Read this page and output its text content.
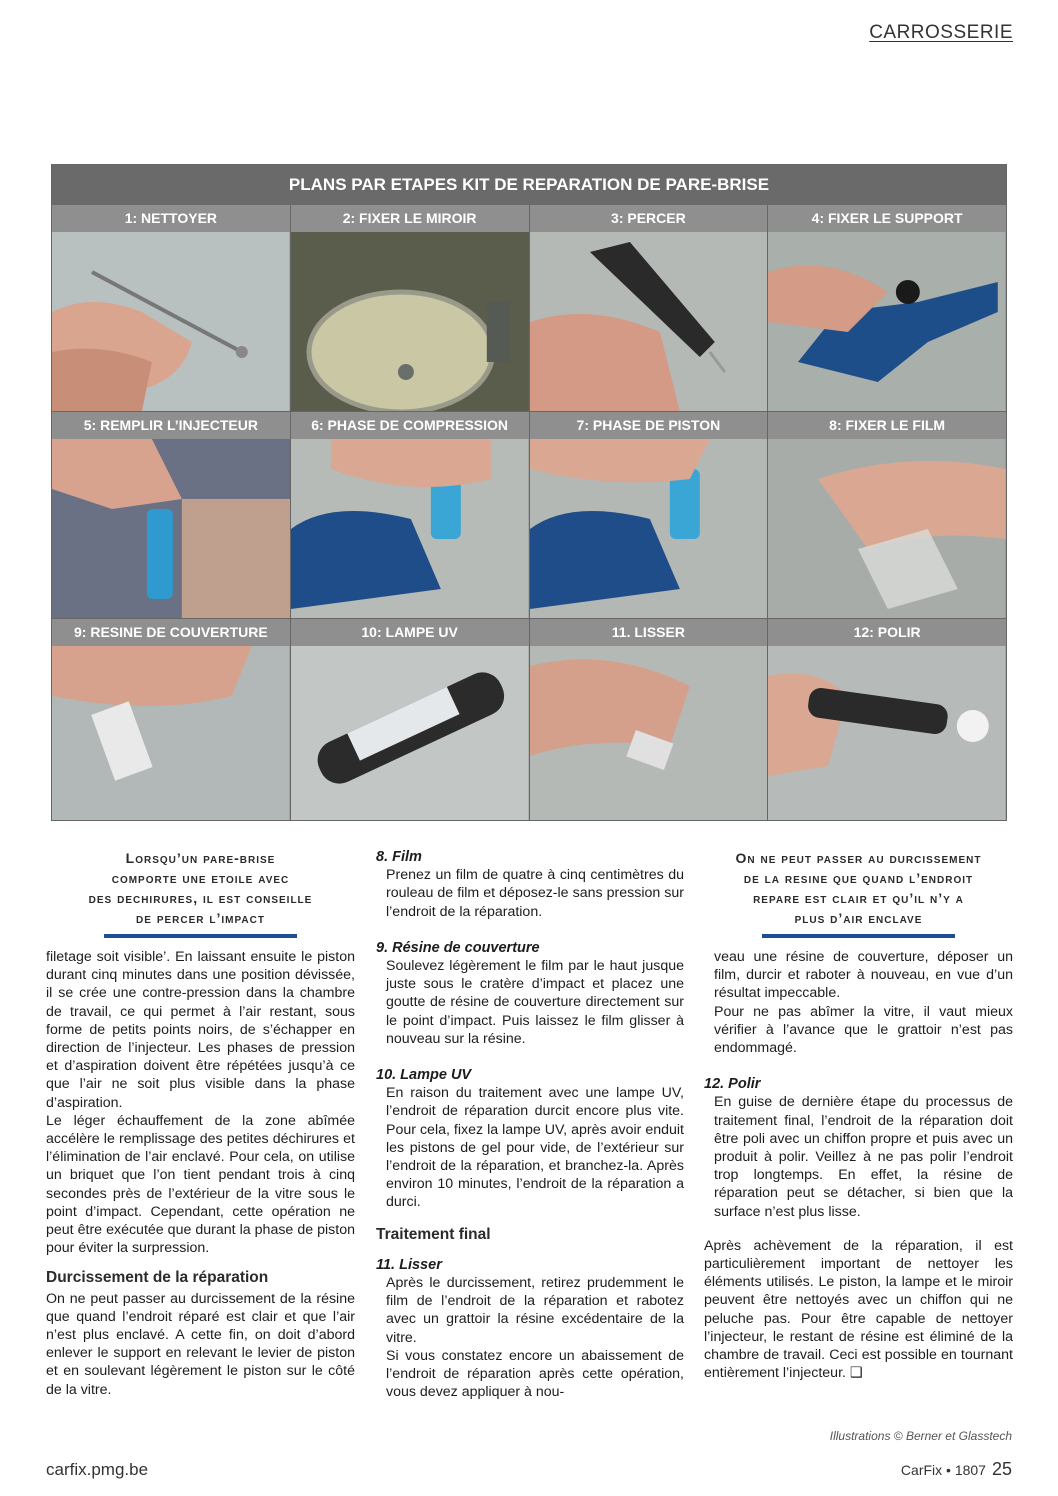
CARROSSERIE
PLANS PAR ETAPES KIT DE REPARATION DE PARE-BRISE
1: NETTOYER	2: FIXER LE MIROIR	3: PERCER	4: FIXER LE SUPPORT
5: REMPLIR L’INJECTEUR	6: PHASE DE COMPRESSION	7: PHASE DE PISTON	8: FIXER LE FILM
9: RESINE DE COUVERTURE	10: LAMPE UV	11. LISSER	12: POLIR
Lorsqu’un pare-brise
comporte une etoile avec
des dechirures, il est conseille
de percer l’impact

filetage soit visible’. En laissant ensuite le piston durant cinq minutes dans une position dévissée, il se crée une contre-pression dans la chambre de travail, ce qui permet à l’air restant, sous forme de petits points noirs, de s’échapper en direction de l’injecteur. Les phases de pression et d’aspiration doivent être répétées jusqu’à ce que l’air ne soit plus visible dans la phase d’aspiration.

Le léger échauffement de la zone abîmée accélère le remplissage des petites déchirures et l’élimination de l’air enclavé. Pour cela, on utilise un briquet que l’on tient pendant trois à cinq secondes près de l’extérieur de la vitre sous le point d’impact. Cependant, cette opération ne peut être exécutée que durant la phase de piston pour éviter la surpression.

Durcissement de la réparation

On ne peut passer au durcissement de la résine que quand l’endroit réparé est clair et que l’air n’est plus enclavé. A cette fin, on doit d’abord enlever le support en relevant le levier de piston et en soulevant légèrement le piston sur le côté de la vitre.

8. Film

Prenez un film de quatre à cinq centimètres du rouleau de film et déposez-le sans pression sur l’endroit de la réparation.

9. Résine de couverture

Soulevez légèrement le film par le haut jusque juste sous le cratère d’impact et placez une goutte de résine de couverture directement sur le point d’impact. Puis laissez le film glisser à nouveau sur la résine.

10. Lampe UV

En raison du traitement avec une lampe UV, l’endroit de réparation durcit encore plus vite. Pour cela, fixez la lampe UV, après avoir enduit les pistons de gel pour vide, de l’extérieur sur l’endroit de la réparation, et branchez-la. Après environ 10 minutes, l’endroit de la réparation a durci.

Traitement final
11. Lisser

Après le durcissement, retirez prudemment le film de l’endroit de la réparation et rabotez avec un grattoir la résine excédentaire de la vitre.

Si vous constatez encore un abaissement de l’endroit de réparation après cette opération, vous devez appliquer à nou-

On ne peut passer au durcissement
de la resine que quand l’endroit
repare est clair et qu’il n’y a
plus d’air enclave

veau une résine de couverture, déposer un film, durcir et raboter à nouveau, en vue d’un résultat impeccable.

Pour ne pas abîmer la vitre, il vaut mieux vérifier à l’avance que le grattoir n’est pas endommagé.

12. Polir

En guise de dernière étape du processus de traitement final, l’endroit de la réparation doit être poli avec un chiffon propre et puis avec un produit à polir. Veillez à ne pas polir l’endroit trop longtemps. En effet, la résine de réparation peut se détacher, si bien que la surface n’est plus lisse.

Après achèvement de la réparation, il est particulièrement important de nettoyer les éléments utilisés. Le piston, la lampe et le miroir peuvent être nettoyés avec un chiffon qui ne peluche pas. Pour être capable de nettoyer l’injecteur, le restant de résine est éliminé de la chambre de travail. Ceci est possible en tournant entièrement l’injecteur. ❑

Illustrations © Berner et Glasstech
carfix.pmg.be	CarFix • 1807 25
